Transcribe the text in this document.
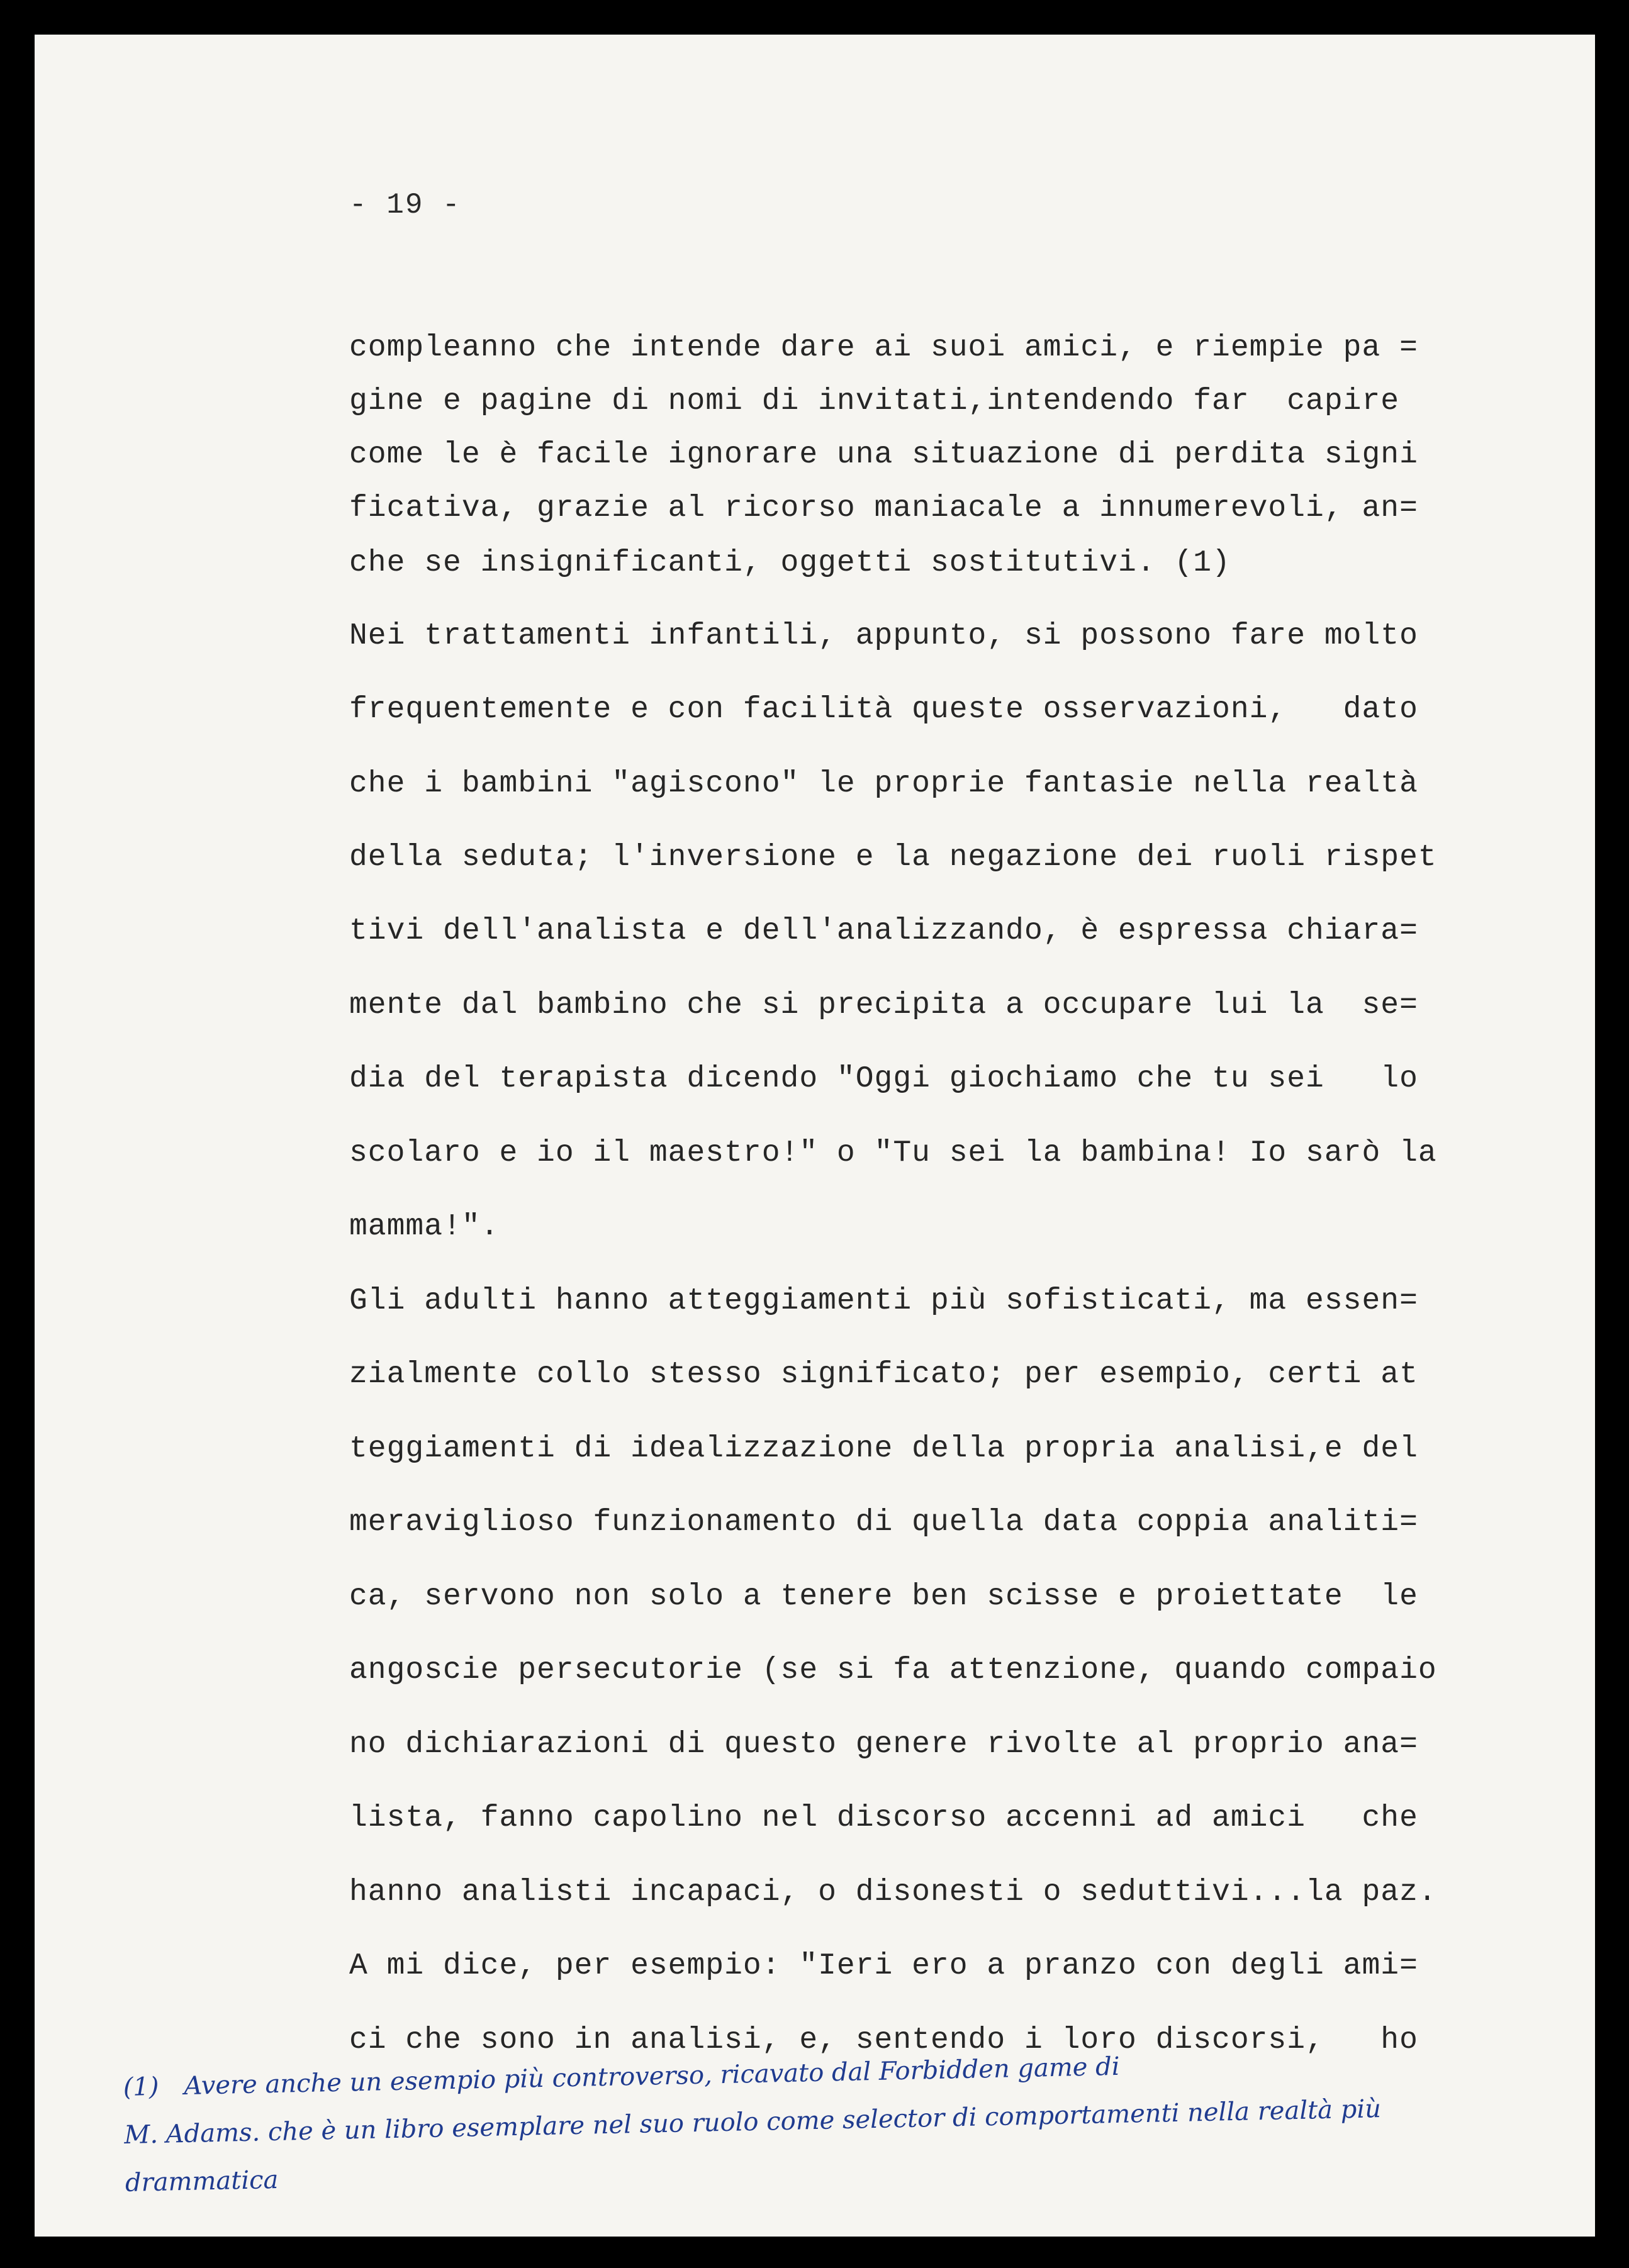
- 19 -
compleanno che intende dare ai suoi amici, e riempie pa =
gine e pagine di nomi di invitati,intendendo far  capire
come le è facile ignorare una situazione di perdita signi
ficativa, grazie al ricorso maniacale a innumerevoli, an=
che se insignificanti, oggetti sostitutivi. (1)
Nei trattamenti infantili, appunto, si possono fare molto
frequentemente e con facilità queste osservazioni,   dato
che i bambini "agiscono" le proprie fantasie nella realtà
della seduta; l'inversione e la negazione dei ruoli rispet
tivi dell'analista e dell'analizzando, è espressa chiara=
mente dal bambino che si precipita a occupare lui la  se=
dia del terapista dicendo "Oggi giochiamo che tu sei   lo
scolaro e io il maestro!" o "Tu sei la bambina! Io sarò la
mamma!".
Gli adulti hanno atteggiamenti più sofisticati, ma essen=
zialmente collo stesso significato; per esempio, certi at
teggiamenti di idealizzazione della propria analisi,e del
meraviglioso funzionamento di quella data coppia analiti=
ca, servono non solo a tenere ben scisse e proiettate  le
angoscie persecutorie (se si fa attenzione, quando compaio
no dichiarazioni di questo genere rivolte al proprio ana=
lista, fanno capolino nel discorso accenni ad amici   che
hanno analisti incapaci, o disonesti o seduttivi...la paz.
A mi dice, per esempio: "Ieri ero a pranzo con degli ami=
ci che sono in analisi, e, sentendo i loro discorsi,   ho
(1) Avere anche un esempio più controverso, ricavato dal Forbidden game di
M. Adams. che è un libro esemplare nel suo ruolo come selector di comportamenti nella realtà più
drammatica
